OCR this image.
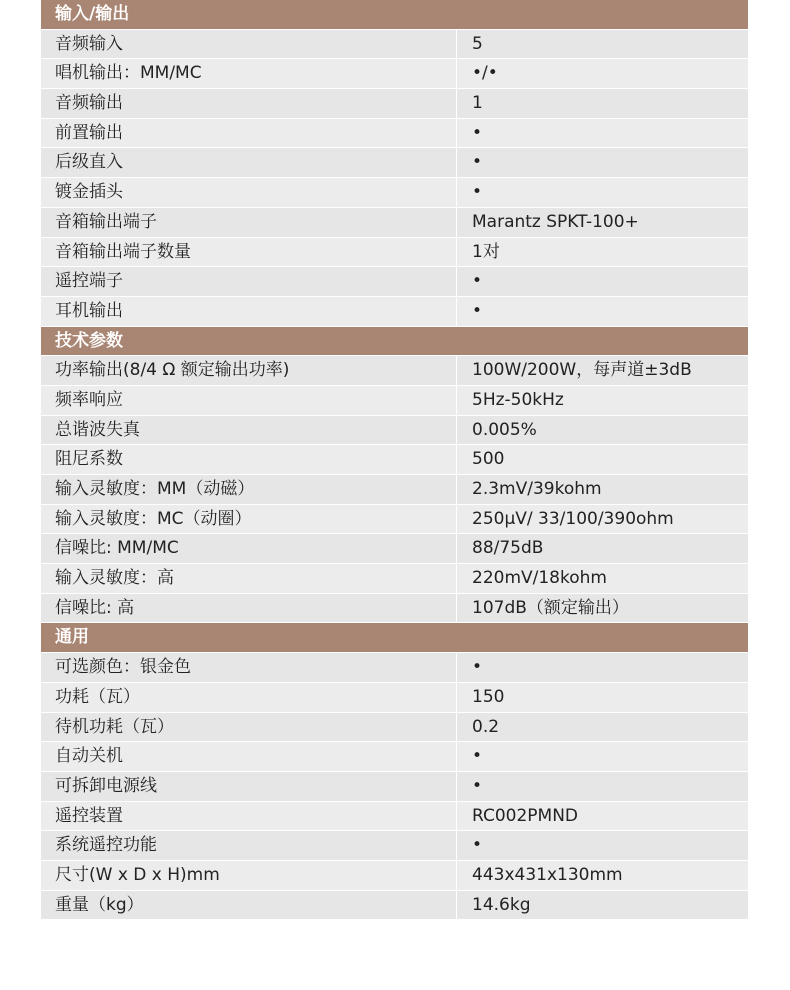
输入/输出
音频输入	5
唱机输出：MM/MC	•/•
音频输出	1
前置输出	•
后级直入	•
镀金插头	•
音箱输出端子	Marantz SPKT-100+
音箱输出端子数量	1对
遥控端子	•
耳机输出	•
技术参数
功率输出(8/4 Ω 额定输出功率)	100W/200W，每声道±3dB
频率响应	5Hz-50kHz
总谐波失真	0.005%
阻尼系数	500
输入灵敏度：MM（动磁）	2.3mV/39kohm
输入灵敏度：MC（动圈）	250μV/ 33/100/390ohm
信噪比: MM/MC	88/75dB
输入灵敏度：高	220mV/18kohm
信噪比: 高	107dB（额定输出）
通用
可选颜色：银金色	•
功耗（瓦）	150
待机功耗（瓦）	0.2
自动关机	•
可拆卸电源线	•
遥控装置	RC002PMND
系统遥控功能	•
尺寸(W x D x H)mm	443x431x130mm
重量（kg）	14.6kg
